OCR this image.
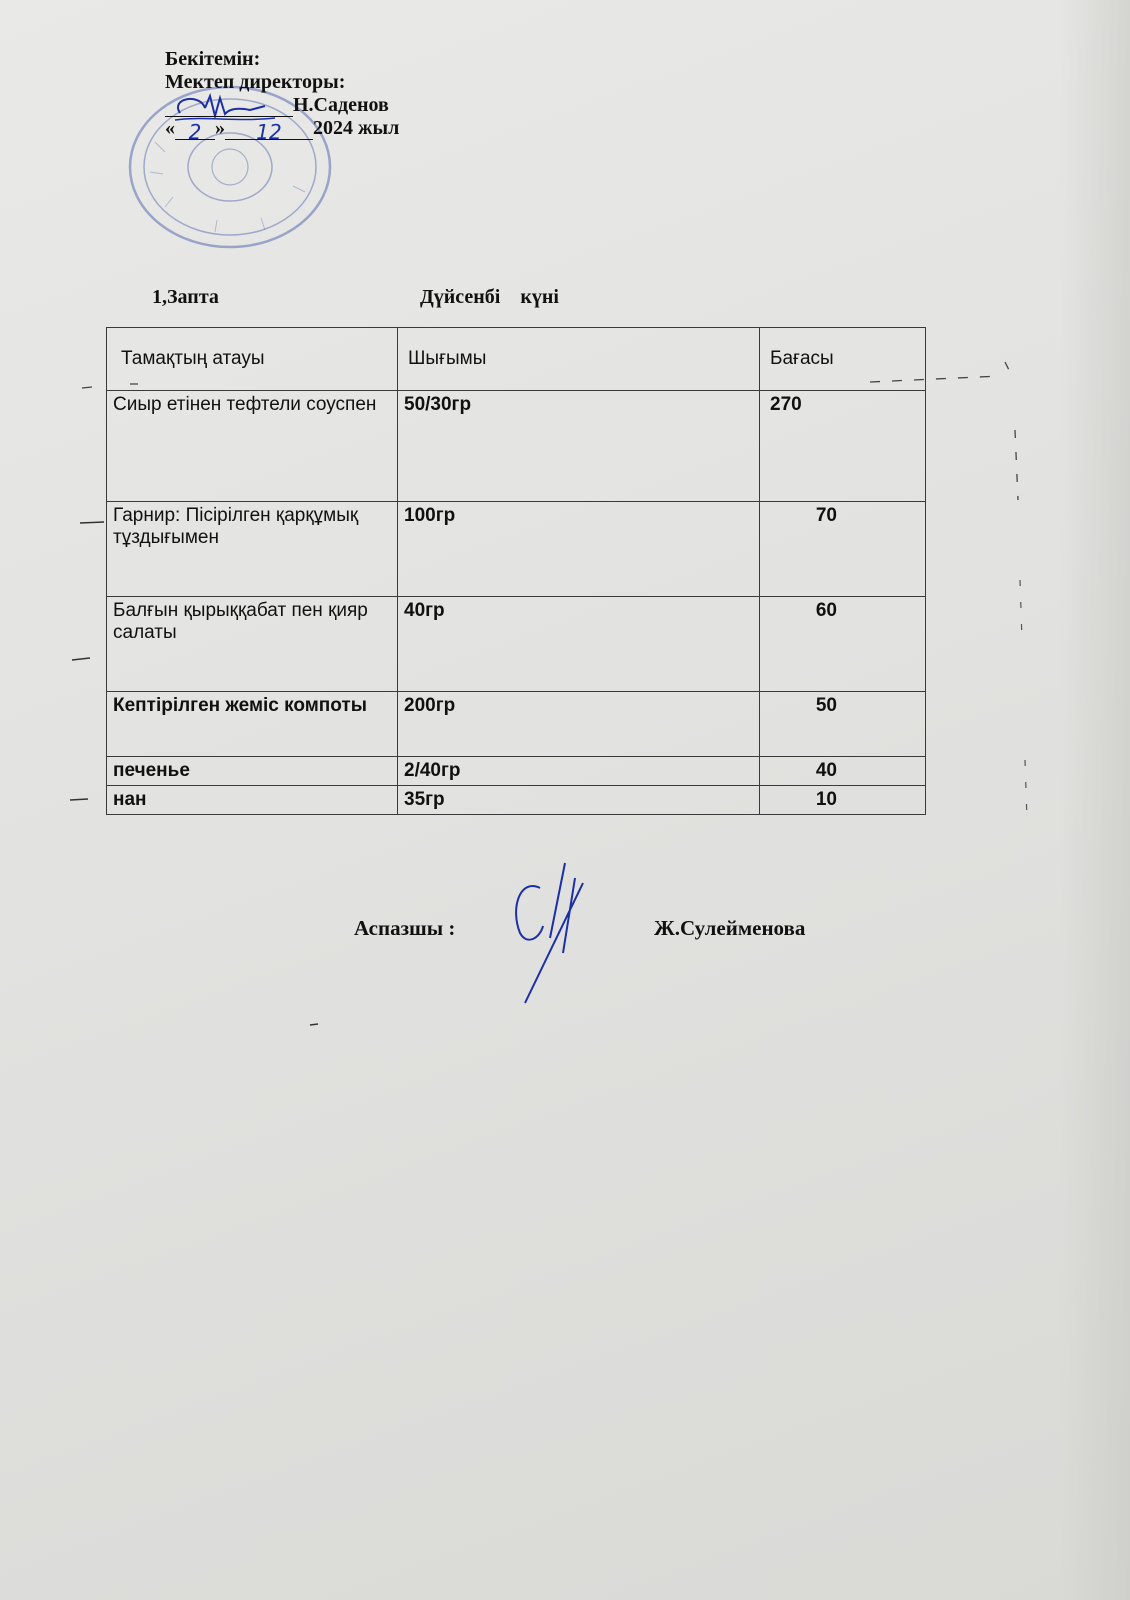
Бекітемін:
Мектеп директоры:
Н.Саденов
« 2 » 12 2024 жыл
1,Запта	Дүйсенбі    күні
Тамақтың атауы	Шығымы	Бағасы
Сиыр етінен тефтели соуспен	50/30гр	270
Гарнир: Пісірілген қарқұмық тұздығымен	100гр	70
Балғын қырыққабат пен қияр салаты	40гр	60
Кептірілген жеміс компоты	200гр	50
печенье	2/40гр	40
нан	35гр	10
Аспазшы :	Ж.Сулейменова
